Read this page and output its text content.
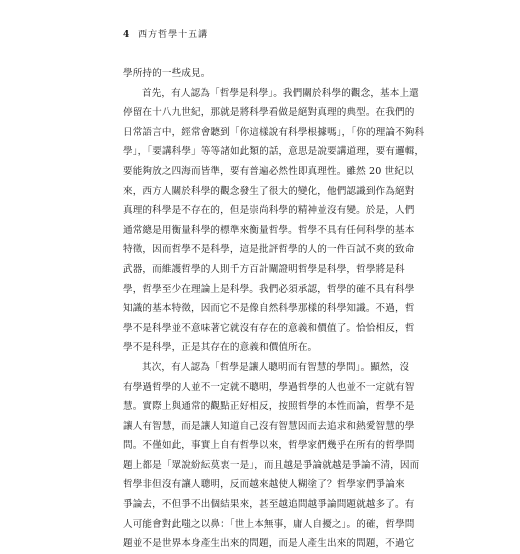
4 西方哲學十五講
學所持的一些成見。
首先，有人認為「哲學是科學」。我們關於科學的觀念，基本上還
停留在十八九世紀，那就是將科學看做是絕對真理的典型。在我們的
日常語言中，經常會聽到「你這樣說有科學根據嗎」，「你的理論不夠科
學」，「要講科學」等等諸如此類的話，意思是說要講道理，要有邏輯，
要能夠放之四海而皆準，要有普遍必然性即真理性。雖然 20 世紀以
來，西方人關於科學的觀念發生了很大的變化，他們認識到作為絕對
真理的科學是不存在的，但是崇尚科學的精神並沒有變。於是，人們
通常總是用衡量科學的標準來衡量哲學。哲學不具有任何科學的基本
特徵，因而哲學不是科學，這是批評哲學的人的一件百試不爽的致命
武器，而維護哲學的人則千方百計闡證明哲學是科學，哲學將是科
學，哲學至少在理論上是科學。我們必須承認，哲學的確不具有科學
知識的基本特徵，因而它不是像自然科學那樣的科學知識。不過，哲
學不是科學並不意味著它就沒有存在的意義和價值了。恰恰相反，哲
學不是科學，正是其存在的意義和價值所在。
其次，有人認為「哲學是讓人聰明而有智慧的學問」。顯然，沒
有學過哲學的人並不一定就不聰明，學過哲學的人也並不一定就有智
慧。實際上與通常的觀點正好相反，按照哲學的本性而論，哲學不是
讓人有智慧，而是讓人知道自己沒有智慧因而去追求和熱愛智慧的學
問。不僅如此，事實上自有哲學以來，哲學家們幾乎在所有的哲學問
題上都是「眾說紛紜莫衷一是」，而且越是爭論就越是爭論不清，因而
哲學非但沒有讓人聰明，反而越來越使人糊塗了？哲學家們爭論來
爭論去，不但爭不出個結果來，甚至越追問越爭論問題就越多了。有
人可能會對此嗤之以鼻：「世上本無事，庸人自擾之」。的確，哲學問
題並不是世界本身產生出來的問題，而是人產生出來的問題，不過它
